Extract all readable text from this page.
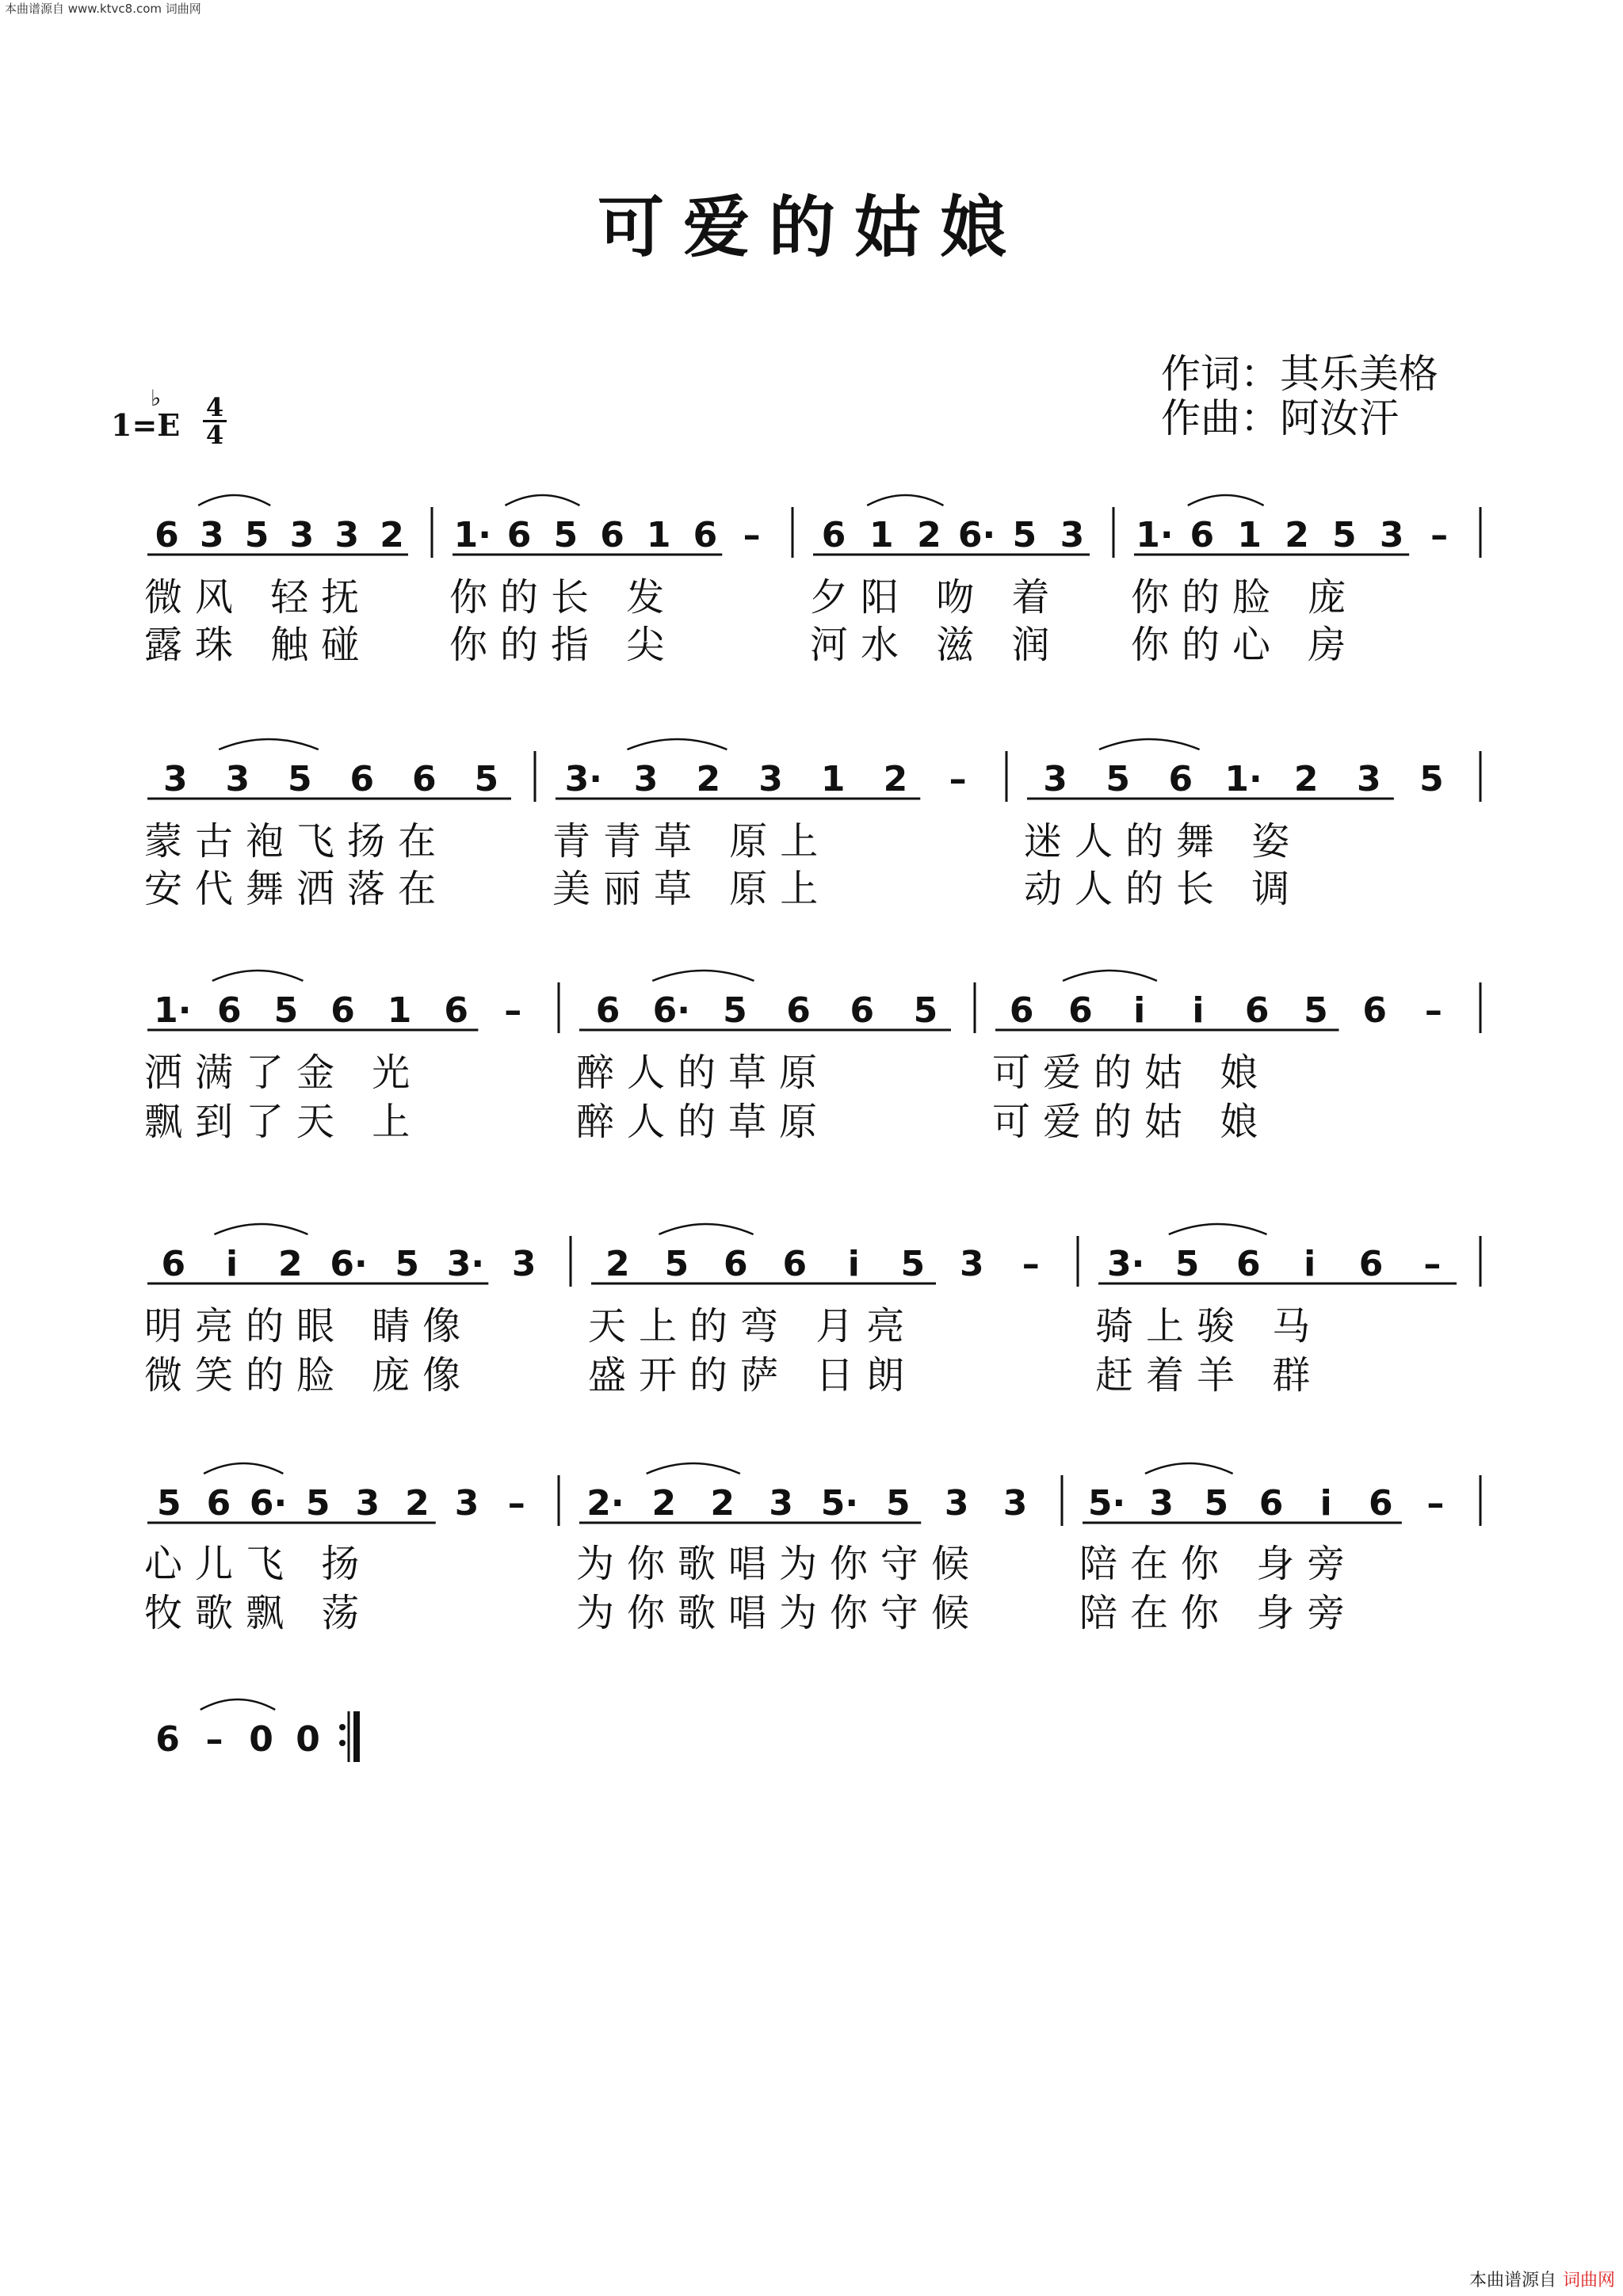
本曲谱源自 www.ktvc8.com 词曲网
可爱的姑娘
作词：其乐美格
作曲：阿汝汗
1=
♭
E 4
4
6 3 5 3 3 2
微风 轻抚
露珠 触碰
1· 6 5 6 1 6 –
你的长 发
你的指 尖
6 1 2 6· 5 3
夕阳 吻 着
河水 滋 润
1· 6 1 2 5 3 –
你的脸 庞
你的心 房
3 3 5 6 6 5
蒙古袍飞扬在
安代舞洒落在
3· 3 2 3 1 2 –
青青草 原上
美丽草 原上
3 5 6 1· 2 3 5
迷人的舞 姿
动人的长 调
1· 6 5 6 1 6 –
洒满了金 光
飘到了天 上
6 6· 5 6 6 5
醉人的草原
醉人的草原
6 6 i i 6 5 6 –
可爱的姑 娘
可爱的姑 娘
6 i 2 6· 5 3· 3
明亮的眼 睛像
微笑的脸 庞像
2 5 6 6 i 5 3 –
天上的弯 月亮
盛开的萨 日朗
3· 5 6 i 6 –
骑上骏 马
赶着羊 群
5 6 6· 5 3 2 3 –
心儿飞 扬
牧歌飘 荡
2· 2 2 3 5· 5 3 3
为你歌唱为你守候
为你歌唱为你守候
5· 3 5 6 i 6 –
陪在你 身旁
陪在你 身旁
6 – 0 0
本曲谱源自 词曲网
